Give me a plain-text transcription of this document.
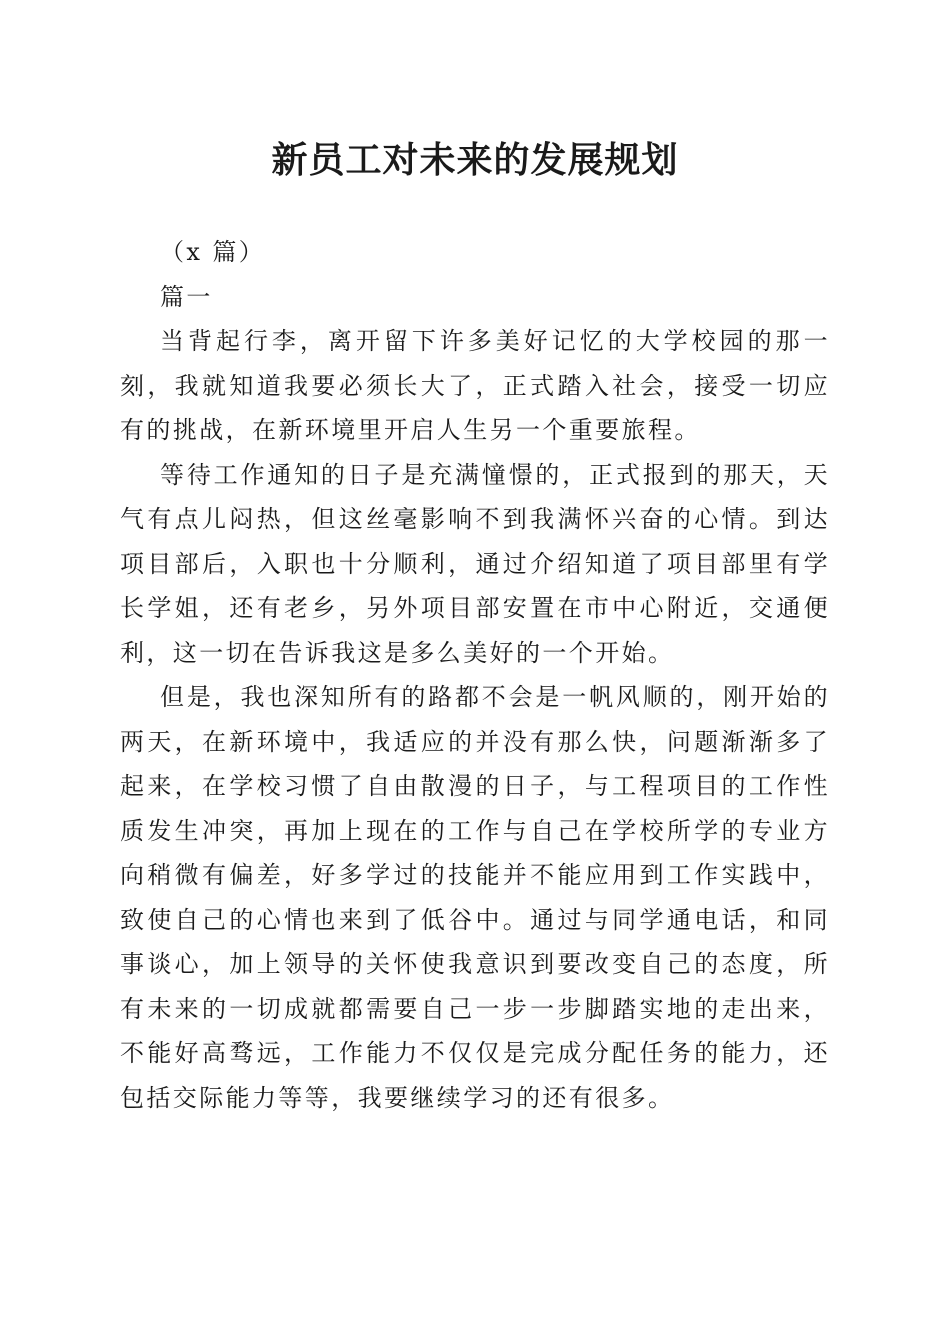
新员工对未来的发展规划

（x 篇）

篇一

当背起行李，离开留下许多美好记忆的大学校园的那一刻，我就知道我要必须长大了，正式踏入社会，接受一切应有的挑战，在新环境里开启人生另一个重要旅程。

等待工作通知的日子是充满憧憬的，正式报到的那天，天气有点儿闷热，但这丝毫影响不到我满怀兴奋的心情。到达项目部后，入职也十分顺利，通过介绍知道了项目部里有学长学姐，还有老乡，另外项目部安置在市中心附近，交通便利，这一切在告诉我这是多么美好的一个开始。

但是，我也深知所有的路都不会是一帆风顺的，刚开始的两天，在新环境中，我适应的并没有那么快，问题渐渐多了起来，在学校习惯了自由散漫的日子，与工程项目的工作性质发生冲突，再加上现在的工作与自己在学校所学的专业方向稍微有偏差，好多学过的技能并不能应用到工作实践中，致使自己的心情也来到了低谷中。通过与同学通电话，和同事谈心，加上领导的关怀使我意识到要改变自己的态度，所有未来的一切成就都需要自己一步一步脚踏实地的走出来，不能好高骛远，工作能力不仅仅是完成分配任务的能力，还包括交际能力等等，我要继续学习的还有很多。
